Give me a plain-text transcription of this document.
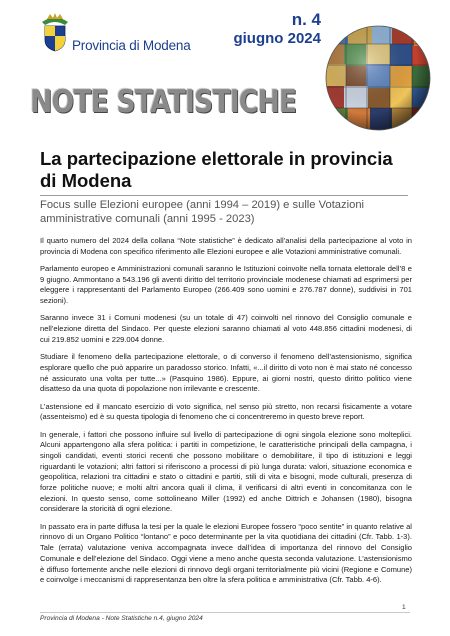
Provincia di Modena
n. 4
giugno 2024
NOTE STATISTICHE
La partecipazione elettorale in provincia di Modena

Focus sulle Elezioni europee (anni 1994 – 2019) e sulle Votazioni amministrative comunali (anni 1995 - 2023)

Il quarto numero del 2024 della collana “Note statistiche” è dedicato all’analisi della partecipazione al voto in provincia di Modena con specifico riferimento alle Elezioni europee e alle Votazioni amministrative comunali.

Parlamento europeo e Amministrazioni comunali saranno le Istituzioni coinvolte nella tornata elettorale dell’8 e 9 giugno. Ammontano a 543.196 gli aventi diritto del territorio provinciale modenese chiamati ad esprimersi per eleggere i rappresentanti del Parlamento Europeo (266.409 sono uomini e 276.787 donne), suddivisi in 701 sezioni).

Saranno invece 31 i Comuni modenesi (su un totale di 47) coinvolti nel rinnovo del Consiglio comunale e nell’elezione diretta del Sindaco. Per queste elezioni saranno chiamati al voto 448.856 cittadini modenesi, di cui 219.852 uomini e 229.004 donne.

Studiare il fenomeno della partecipazione elettorale, o di converso il fenomeno dell’astensionismo, significa esplorare quello che può apparire un paradosso storico. Infatti, «...il diritto di voto non è mai stato né concesso né assicurato una volta per tutte...» (Pasquino 1986). Eppure, ai giorni nostri, questo diritto politico viene disatteso da una quota di popolazione non irrilevante e crescente.

L’astensione ed il mancato esercizio di voto significa, nel senso più stretto, non recarsi fisicamente a votare (assenteismo) ed è su questa tipologia di fenomeno che ci concentreremo in questo breve report.

In generale, i fattori che possono influire sul livello di partecipazione di ogni singola elezione sono molteplici. Alcuni appartengono alla sfera politica: i partiti in competizione, le caratteristiche principali della campagna, i singoli candidati, eventi storici recenti che possono mobilitare o demobilitare, il tipo di istituzioni e leggi riguardanti le votazioni; altri fattori si riferiscono a processi di più lunga durata: valori, situazione economica e geopolitica, relazioni tra cittadini e stato o cittadini e partiti, stili di vita e bisogni, mode culturali, presenza di forze politiche nuove; e molti altri ancora quali il clima, il verificarsi di altri eventi in concomitanza con le elezioni. In questo senso, come sottolineano Miller (1992) ed anche Dittrich e Johansen (1980), bisogna considerare la storicità di ogni elezione.

In passato era in parte diffusa la tesi per la quale le elezioni Europee fossero “poco sentite” in quanto relative al rinnovo di un Organo Politico “lontano” e poco determinante per la vita quotidiana dei cittadini (Cfr. Tabb. 1-3). Tale (errata) valutazione veniva accompagnata invece dall’idea di importanza del rinnovo del Consiglio Comunale e dell’elezione del Sindaco. Oggi viene a meno anche questa seconda valutazione. L’astensionismo è diffuso fortemente anche nelle elezioni di rinnovo degli organi territorialmente più vicini (Regione e Comune) e coinvolge i meccanismi di rappresentanza ben oltre la sfera politica e amministrativa (Cfr. Tabb. 4-6).

1
Provincia di Modena - Note Statistiche n.4, giugno 2024
